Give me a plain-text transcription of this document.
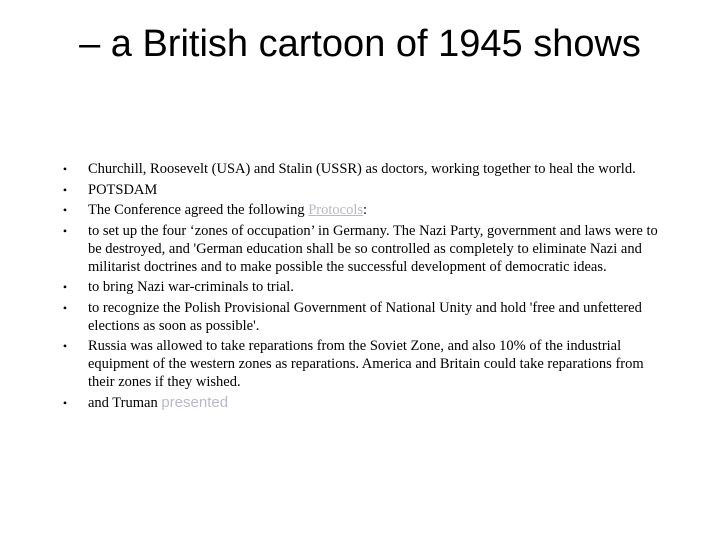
– a British cartoon of 1945 shows
• Churchill, Roosevelt (USA) and Stalin (USSR) as doctors, working together to heal the world.
• POTSDAM
• The Conference agreed the following Protocols:
• to set up the four ‘zones of occupation’ in Germany. The Nazi Party, government and laws were to be destroyed, and 'German education shall be so controlled as completely to eliminate Nazi and militarist doctrines and to make possible the successful development of democratic ideas.
• to bring Nazi war-criminals to trial.
• to recognize the Polish Provisional Government of National Unity and hold 'free and unfettered elections as soon as possible'.
• Russia was allowed to take reparations from the Soviet Zone, and also 10% of the industrial equipment of the western zones as reparations. America and Britain could take reparations from their zones if they wished.
• and Truman presented
